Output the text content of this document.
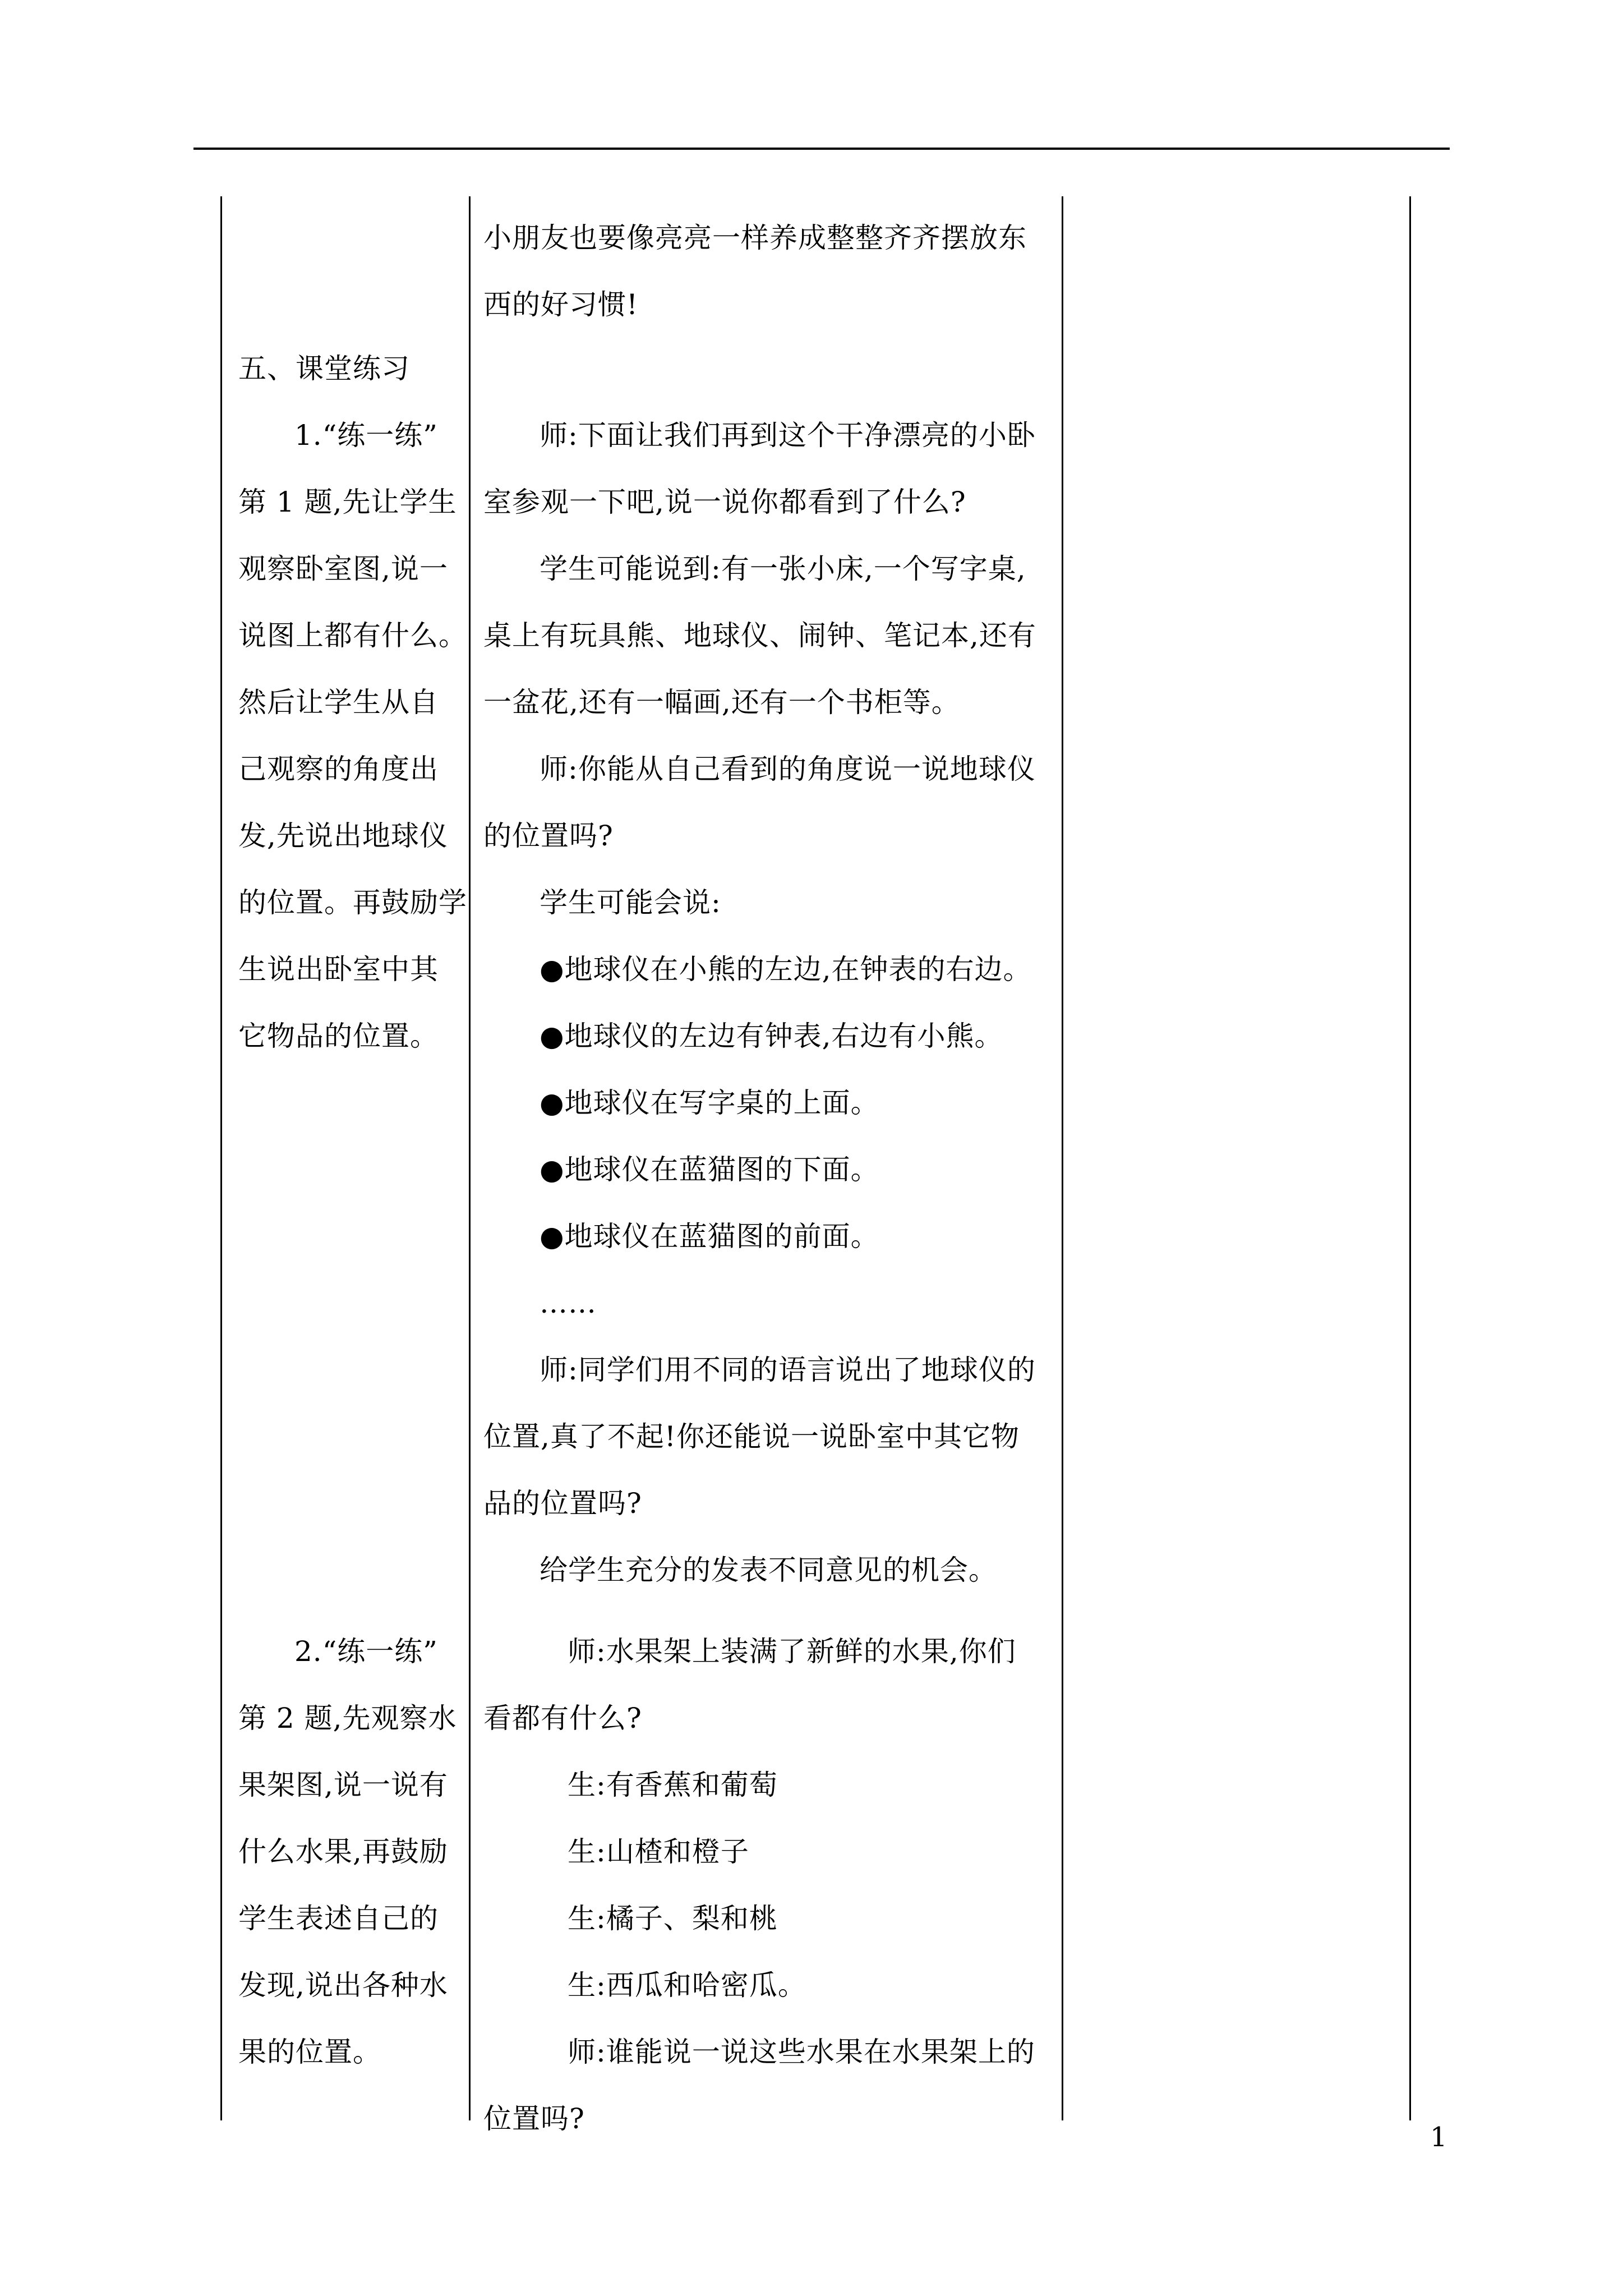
五、课堂练习
1.“练一练”
第 1 题,先让学生
观察卧室图,说一
说图上都有什么。
然后让学生从自
己观察的角度出
发,先说出地球仪
的位置。再鼓励学
生说出卧室中其
它物品的位置。
2.“练一练”
第 2 题,先观察水
果架图,说一说有
什么水果,再鼓励
学生表述自己的
发现,说出各种水
果的位置。
小朋友也要像亮亮一样养成整整齐齐摆放东
西的好习惯!
师:下面让我们再到这个干净漂亮的小卧
室参观一下吧,说一说你都看到了什么?
学生可能说到:有一张小床,一个写字桌,
桌上有玩具熊、地球仪、闹钟、笔记本,还有
一盆花,还有一幅画,还有一个书柜等。
师:你能从自己看到的角度说一说地球仪
的位置吗?
学生可能会说:
●地球仪在小熊的左边,在钟表的右边。
●地球仪的左边有钟表,右边有小熊。
●地球仪在写字桌的上面。
●地球仪在蓝猫图的下面。
●地球仪在蓝猫图的前面。
……
师:同学们用不同的语言说出了地球仪的
位置,真了不起!你还能说一说卧室中其它物
品的位置吗?
给学生充分的发表不同意见的机会。
师:水果架上装满了新鲜的水果,你们
看都有什么?
生:有香蕉和葡萄
生:山楂和橙子
生:橘子、梨和桃
生:西瓜和哈密瓜。
师:谁能说一说这些水果在水果架上的
位置吗?
1
